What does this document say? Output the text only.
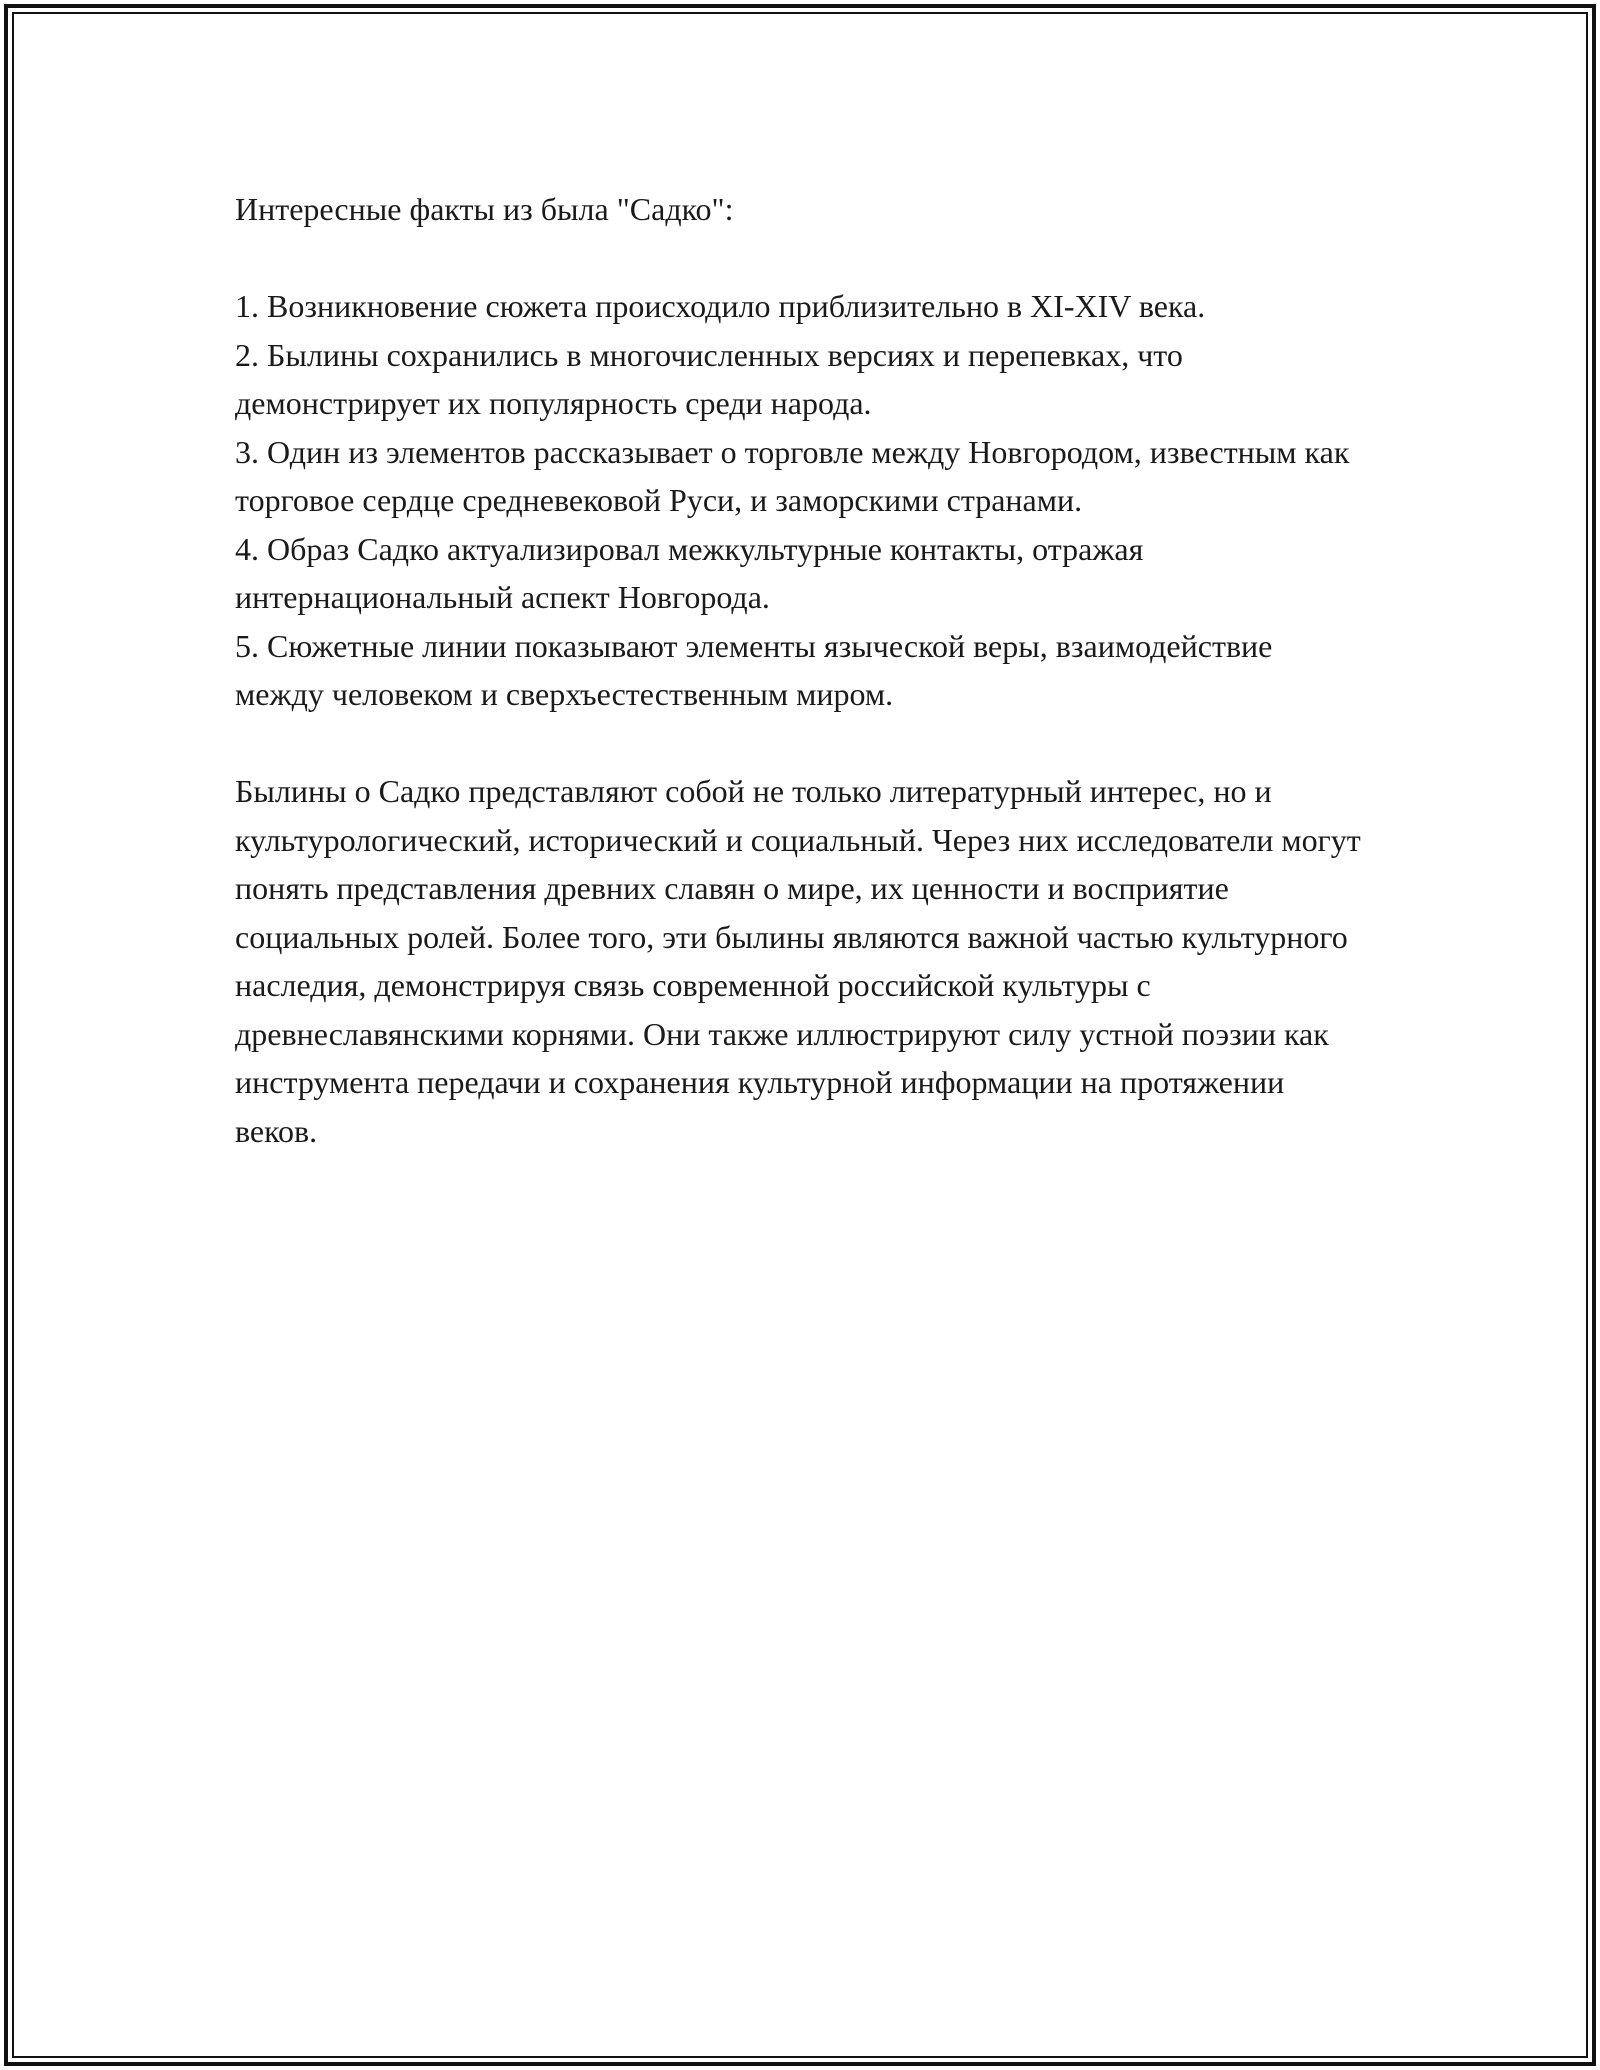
Интересные факты из была "Садко":

1. Возникновение сюжета происходило приблизительно в XI-XIV века.
2. Былины сохранились в многочисленных версиях и перепевках, что демонстрирует их популярность среди народа.
3. Один из элементов рассказывает о торговле между Новгородом, известным как торговое сердце средневековой Руси, и заморскими странами.
4. Образ Садко актуализировал межкультурные контакты, отражая интернациональный аспект Новгорода.
5. Сюжетные линии показывают элементы языческой веры, взаимодействие между человеком и сверхъестественным миром.

Былины о Садко представляют собой не только литературный интерес, но и культурологический, исторический и социальный. Через них исследователи могут понять представления древних славян о мире, их ценности и восприятие социальных ролей. Более того, эти былины являются важной частью культурного наследия, демонстрируя связь современной российской культуры с древнеславянскими корнями. Они также иллюстрируют силу устной поэзии как инструмента передачи и сохранения культурной информации на протяжении веков.
